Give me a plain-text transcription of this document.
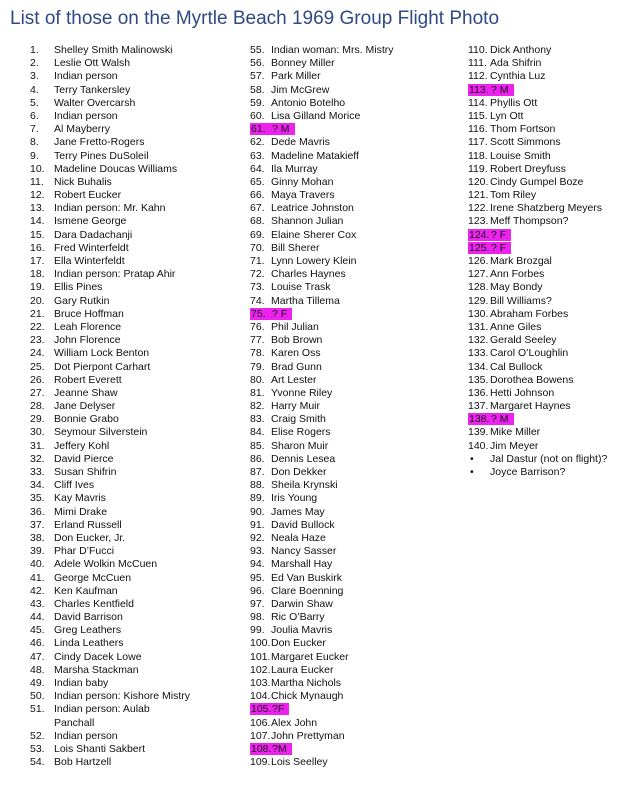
List of those on the Myrtle Beach 1969 Group Flight Photo
1. Shelley Smith Malinowski
2. Leslie Ott Walsh
3. Indian person
4. Terry Tankersley
5. Walter Overcarsh
6. Indian person
7. Al Mayberry
8. Jane Fretto-Rogers
9. Terry Pines DuSoleil
10. Madeline Doucas Williams
11. Nick Buhalis
12. Robert Eucker
13. Indian person: Mr. Kahn
14. Ismene George
15. Dara Dadachanji
16. Fred Winterfeldt
17. Ella Winterfeldt
18. Indian person: Pratap Ahir
19. Ellis Pines
20. Gary Rutkin
21. Bruce Hoffman
22. Leah Florence
23. John Florence
24. William Lock Benton
25. Dot Pierpont Carhart
26. Robert Everett
27. Jeanne Shaw
28. Jane Delyser
29. Bonnie Grabo
30. Seymour Silverstein
31. Jeffery Kohl
32. David Pierce
33. Susan Shifrin
34. Cliff Ives
35. Kay Mavris
36. Mimi Drake
37. Erland Russell
38. Don Eucker, Jr.
39. Phar D’Fucci
40. Adele Wolkin McCuen
41. George McCuen
42. Ken Kaufman
43. Charles Kentfield
44. David Barrison
45. Greg Leathers
46. Linda Leathers
47. Cindy Dacek Lowe
48. Marsha Stackman
49. Indian baby
50. Indian person: Kishore Mistry
51. Indian person: Aulab
Panchall
52. Indian person
53. Lois Shanti Sakbert
54. Bob Hartzell
55. Indian woman: Mrs. Mistry
56. Bonney Miller
57. Park Miller
58. Jim McGrew
59. Antonio Botelho
60. Lisa Gilland Morice
61. ? M
62. Dede Mavris
63. Madeline Matakieff
64. Ila Murray
65. Ginny Mohan
66. Maya Travers
67. Leatrice Johnston
68. Shannon Julian
69. Elaine Sherer Cox
70. Bill Sherer
71. Lynn Lowery Klein
72. Charles Haynes
73. Louise Trask
74. Martha Tillema
75. ? F
76. Phil Julian
77. Bob Brown
78. Karen Oss
79. Brad Gunn
80. Art Lester
81. Yvonne Riley
82. Harry Muir
83. Craig Smith
84. Elise Rogers
85. Sharon Muir
86. Dennis Lesea
87. Don Dekker
88. Sheila Krynski
89. Iris Young
90. James May
91. David Bullock
92. Neala Haze
93. Nancy Sasser
94. Marshall Hay
95. Ed Van Buskirk
96. Clare Boenning
97. Darwin Shaw
98. Ric O’Barry
99. Joulia Mavris
100.Don Eucker
101.Margaret Eucker
102.Laura Eucker
103.Martha Nichols
104.Chick Mynaugh
105.?F
106.Alex John
107.John Prettyman
108.?M
109.Lois Seelley
110. Dick Anthony
111. Ada Shifrin
112. Cynthia Luz
113. ? M
114. Phyllis Ott
115. Lyn Ott
116. Thom Fortson
117. Scott Simmons
118. Louise Smith
119. Robert Dreyfuss
120. Cindy Gumpel Boze
121. Tom Riley
122. Irene Shatzberg Meyers
123. Meff Thompson?
124. ? F
125. ? F
126. Mark Brozgal
127. Ann Forbes
128. May Bondy
129. Bill Williams?
130. Abraham Forbes
131. Anne Giles
132. Gerald Seeley
133. Carol O’Loughlin
134. Cal Bullock
135. Dorothea Bowens
136. Hetti Johnson
137. Margaret Haynes
138. ? M
139. Mike Miller
140. Jim Meyer
• Jal Dastur (not on flight)?
• Joyce Barrison?
